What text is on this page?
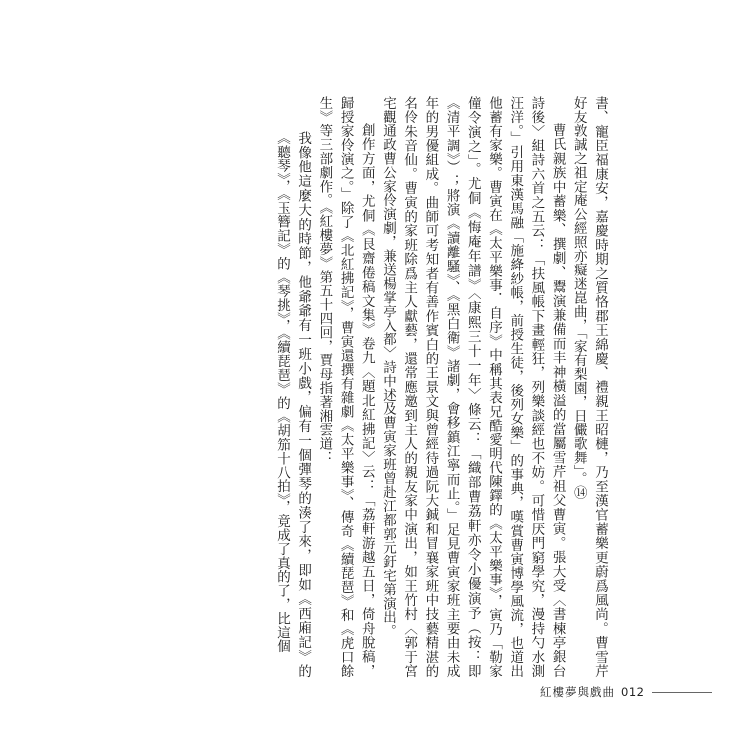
書、寵臣福康安，嘉慶時期之質恪郡王綿慶、禮親王昭槤，乃至漢官蓄樂更蔚爲風尚。曹雪芹好友敦誠之祖定庵公經照亦癡迷崑曲，「家有梨園，日儼歌舞」。⑭

曹氏親族中蓄樂、撰劇、鬻演兼備而丰神橫溢的當屬雪芹祖父曹寅。張大受〈書楝亭銀台詩後〉組詩六首之五云：「扶風帳下畫輕狂，列樂談經也不妨。可惜厌門窮學究，漫持勺水測汪洋。」引用東漢馬融「施絳紗帳，前授生徒，後列女樂」的事典，嘆賞曹寅博學風流，也道出他蓄有家樂。曹寅在《太平樂事．自序》中稱其表兄酷愛明代陳鐸的《太平樂事》，寅乃「勒家僮令演之」。尤侗《悔庵年譜》〈康熙三十一年〉條云：「織部曹荔軒亦令小優演予（按：即《清平調》）；將演《讀離騷》、《黑白衛》諸劇，會移鎮江寧而止。」足見曹寅家班主要由未成年的男優組成。曲師可考知者有善作賓白的王景文與曾經待過阮大鋮和冒襄家班中技藝精湛的名伶朱音仙。曹寅的家班除爲主人獻藝，還常應邀到主人的親友家中演出，如王竹村〈郭于宮宅觀通政曹公家伶演劇，兼送楊掌亭入都〉詩中述及曹寅家班曾赴江都郭元釪宅第演出。

創作方面，尤侗《艮齋倦稿文集》卷九〈題北紅拂記〉云：「荔軒游越五日，倚舟脫稿，歸授家伶演之。」除了《北紅拂記》，曹寅還撰有雜劇《太平樂事》、傳奇《續琵琶》和《虎口餘生》等三部劇作。《紅樓夢》第五十四回，賈母指著湘雲道：

我像他這麼大的時節，他爺爺有一班小戲，偏有一個彈琴的湊了來，即如《西廂記》的《聽琴》，《玉簪記》的《琴挑》，《續琵琶》的《胡笳十八拍》，竟成了真的了，比這個

紅樓夢與戲曲 012
